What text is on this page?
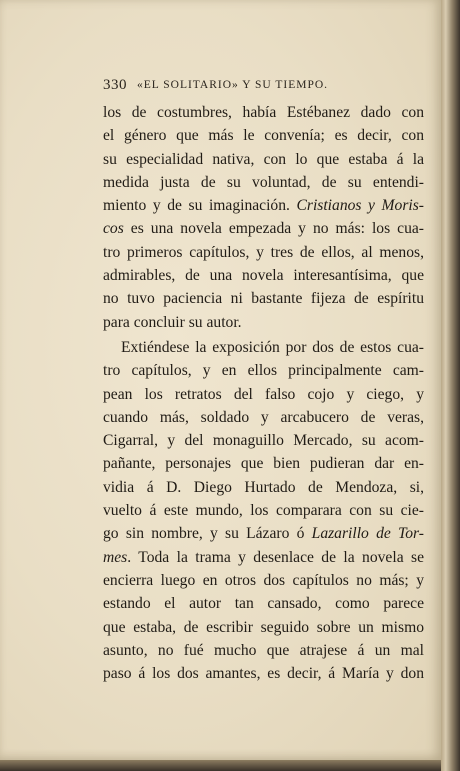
330 «EL SOLITARIO» Y SU TIEMPO.
los de costumbres, había Estébanez dado con
el género que más le convenía; es decir, con
su especialidad nativa, con lo que estaba á la
medida justa de su voluntad, de su entendi-
miento y de su imaginación. Cristianos y Moris-
cos es una novela empezada y no más: los cua-
tro primeros capítulos, y tres de ellos, al menos,
admirables, de una novela interesantísima, que
no tuvo paciencia ni bastante fijeza de espíritu
para concluir su autor.
Extiéndese la exposición por dos de estos cua-
tro capítulos, y en ellos principalmente cam-
pean los retratos del falso cojo y ciego, y
cuando más, soldado y arcabucero de veras,
Cigarral, y del monaguillo Mercado, su acom-
pañante, personajes que bien pudieran dar en-
vidia á D. Diego Hurtado de Mendoza, si,
vuelto á este mundo, los comparara con su cie-
go sin nombre, y su Lázaro ó Lazarillo de Tor-
mes. Toda la trama y desenlace de la novela se
encierra luego en otros dos capítulos no más; y
estando el autor tan cansado, como parece
que estaba, de escribir seguido sobre un mismo
asunto, no fué mucho que atrajese á un mal
paso á los dos amantes, es decir, á María y don
